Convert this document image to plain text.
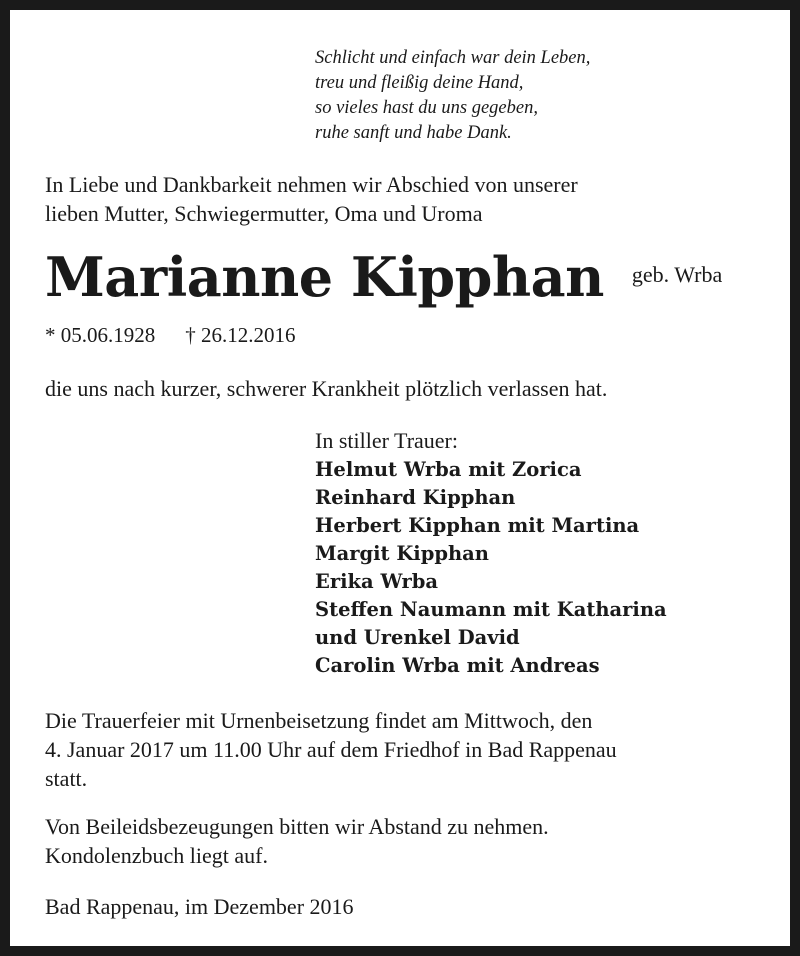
Schlicht und einfach war dein Leben,
treu und fleißig deine Hand,
so vieles hast du uns gegeben,
ruhe sanft und habe Dank.
In Liebe und Dankbarkeit nehmen wir Abschied von unserer
lieben Mutter, Schwiegermutter, Oma und Uroma
Marianne Kipphan geb. Wrba
* 05.06.1928 † 26.12.2016
die uns nach kurzer, schwerer Krankheit plötzlich verlassen hat.
In stiller Trauer:
Helmut Wrba mit Zorica
Reinhard Kipphan
Herbert Kipphan mit Martina
Margit Kipphan
Erika Wrba
Steffen Naumann mit Katharina
und Urenkel David
Carolin Wrba mit Andreas
Die Trauerfeier mit Urnenbeisetzung findet am Mittwoch, den
4. Januar 2017 um 11.00 Uhr auf dem Friedhof in Bad Rappenau
statt.
Von Beileidsbezeugungen bitten wir Abstand zu nehmen.
Kondolenzbuch liegt auf.
Bad Rappenau, im Dezember 2016
